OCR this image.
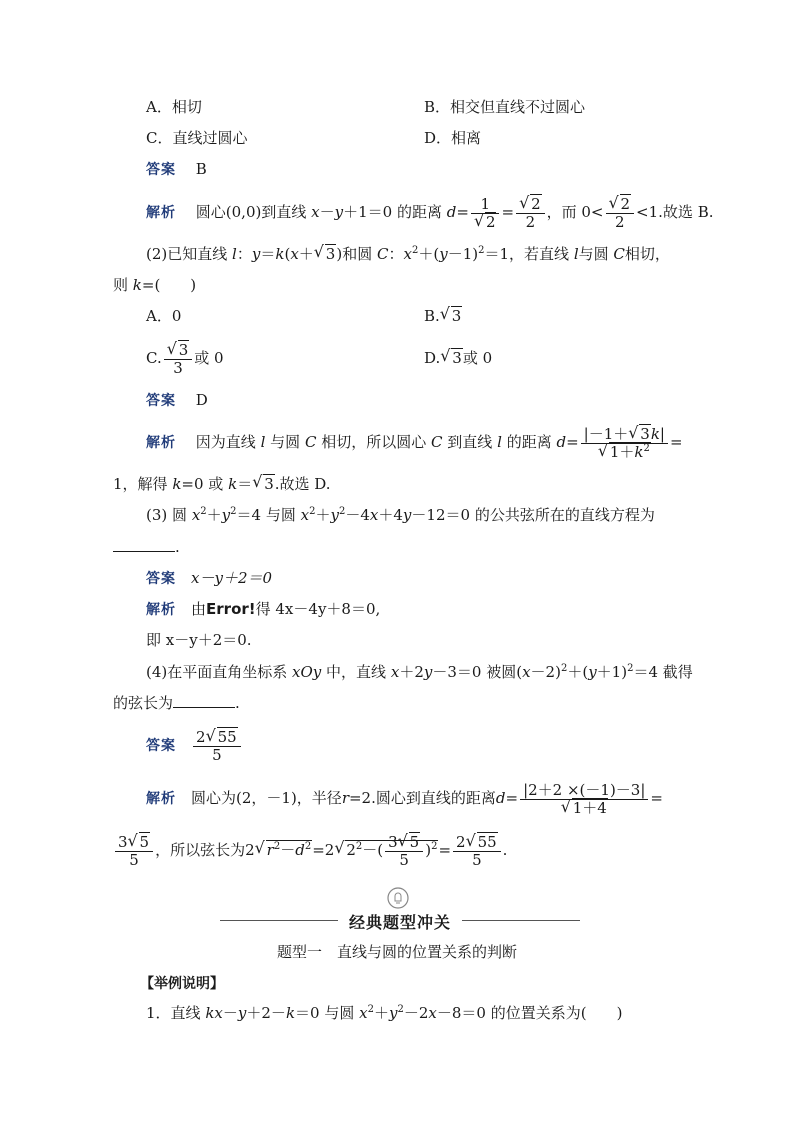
A．相切	B．相交但直线不过圆心
C．直线过圆心	D．相离
答案　 B
解析　 圆心(0,0)到直线 x－y＋1＝0 的距离 d= 1
√ 2 =
√ $\frac{2}{2}$ ，而 0<
√ $\frac{2}{2} <1$.故选 B.
(2)已知直线 l：y＝k(x＋√ 3)和圆 C：$x^2+(y-1)^2=1$，若直线 l与圆 C相切，
则 k=(　　)
A．0	B.√ 3
C.
√ $\frac{3}{3}$ 或 0	D.√ 3或 0
答案　 D
解析　 因为直线 l 与圆 C 相切，所以圆心 C 到直线 l 的距离 d= |－1＋√ 3k|
√ $1+k^2$ =
1，解得 k=0 或 k＝√ 3.故选 D.
(3) 圆 $x^2+y^2=4$ 与圆 $x^2+y^2-4x+4y-12=0$ 的公共弦所在的直线方程为
.
答案　 x－y＋2＝0
解析　 由Error!得 4x－4y＋8＝0,
即 x－y＋2＝0.
(4)在平面直角坐标系 xOy 中，直线 x＋2y－3＝0 被圆$(x-2)^2+(y+1)^2=4$ 截得
的弦长为	.
答案　 $\frac{2√ 55}{5}$
解析　 圆心为(2，－1)，半径r=2.圆心到直线的距离d= |2＋2 ×(－1)－3|
√ 1＋4 =
$\frac{3√ 5}{5}$ ，所以弦长为2√ $r^2-d^2=2√$ $2^2-( \frac{3√ 5}{5} )^2= \frac{2√ 55}{5}$ .
经典题型冲关
题型一　直线与圆的位置关系的判断
【举例说明】
1．直线 kx－y＋2－k＝0 与圆 $x^2+y^2-2x-8=0$ 的位置关系为(　　)
